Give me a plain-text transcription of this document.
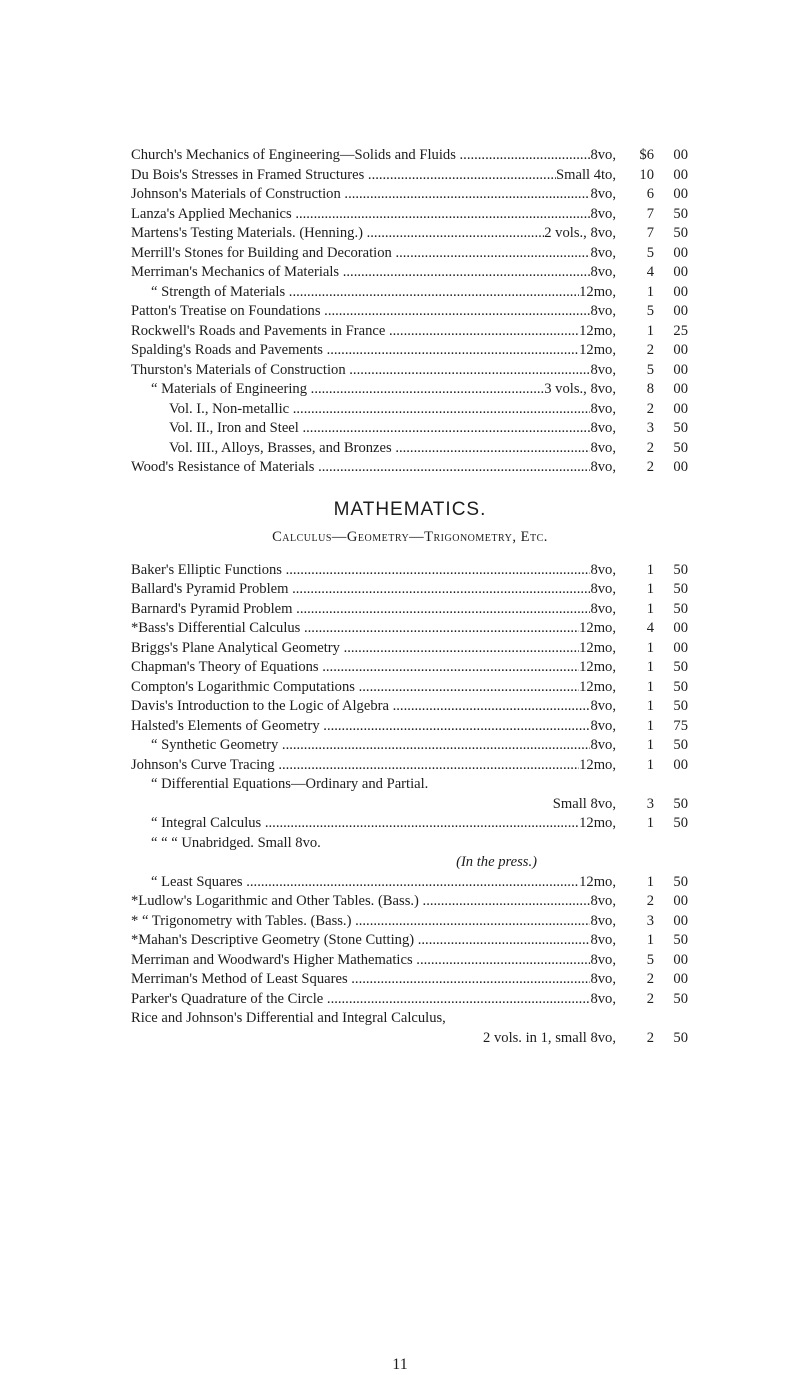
Church's Mechanics of Engineering—Solids and Fluids .....	8vo,	$6	00
Du Bois's Stresses in Framed Structures .....	Small 4to,	10	00
Johnson's Materials of Construction .....	8vo,	6	00
Lanza's Applied Mechanics .....	8vo,	7	50
Martens's Testing Materials. (Henning.) .....	2 vols., 8vo,	7	50
Merrill's Stones for Building and Decoration .....	8vo,	5	00
Merriman's Mechanics of Materials .....	8vo,	4	00
“ Strength of Materials .....	12mo,	1	00
Patton's Treatise on Foundations .....	8vo,	5	00
Rockwell's Roads and Pavements in France .....	12mo,	1	25
Spalding's Roads and Pavements .....	12mo,	2	00
Thurston's Materials of Construction .....	8vo,	5	00
“ Materials of Engineering .....	3 vols., 8vo,	8	00
Vol. I., Non-metallic .....	8vo,	2	00
Vol. II., Iron and Steel .....	8vo,	3	50
Vol. III., Alloys, Brasses, and Bronzes .....	8vo,	2	50
Wood's Resistance of Materials .....	8vo,	2	00
MATHEMATICS.
Calculus—Geometry—Trigonometry, Etc.
Baker's Elliptic Functions .....	8vo,	1	50
Ballard's Pyramid Problem .....	8vo,	1	50
Barnard's Pyramid Problem .....	8vo,	1	50
*Bass's Differential Calculus .....	12mo,	4	00
Briggs's Plane Analytical Geometry .....	12mo,	1	00
Chapman's Theory of Equations .....	12mo,	1	50
Compton's Logarithmic Computations .....	12mo,	1	50
Davis's Introduction to the Logic of Algebra .....	8vo,	1	50
Halsted's Elements of Geometry .....	8vo,	1	75
“ Synthetic Geometry .....	8vo,	1	50
Johnson's Curve Tracing .....	12mo,	1	00
“ Differential Equations—Ordinary and Partial.
Small 8vo,	3	50
“ Integral Calculus .....	12mo,	1	50
“ “ “ Unabridged. Small 8vo.
(In the press.)
“ Least Squares .....	12mo,	1	50
*Ludlow's Logarithmic and Other Tables. (Bass.) .....	8vo,	2	00
* “ Trigonometry with Tables. (Bass.) .....	8vo,	3	00
*Mahan's Descriptive Geometry (Stone Cutting) .....	8vo,	1	50
Merriman and Woodward's Higher Mathematics .....	8vo,	5	00
Merriman's Method of Least Squares .....	8vo,	2	00
Parker's Quadrature of the Circle .....	8vo,	2	50
Rice and Johnson's Differential and Integral Calculus,
2 vols. in 1, small 8vo,	2	50
11
